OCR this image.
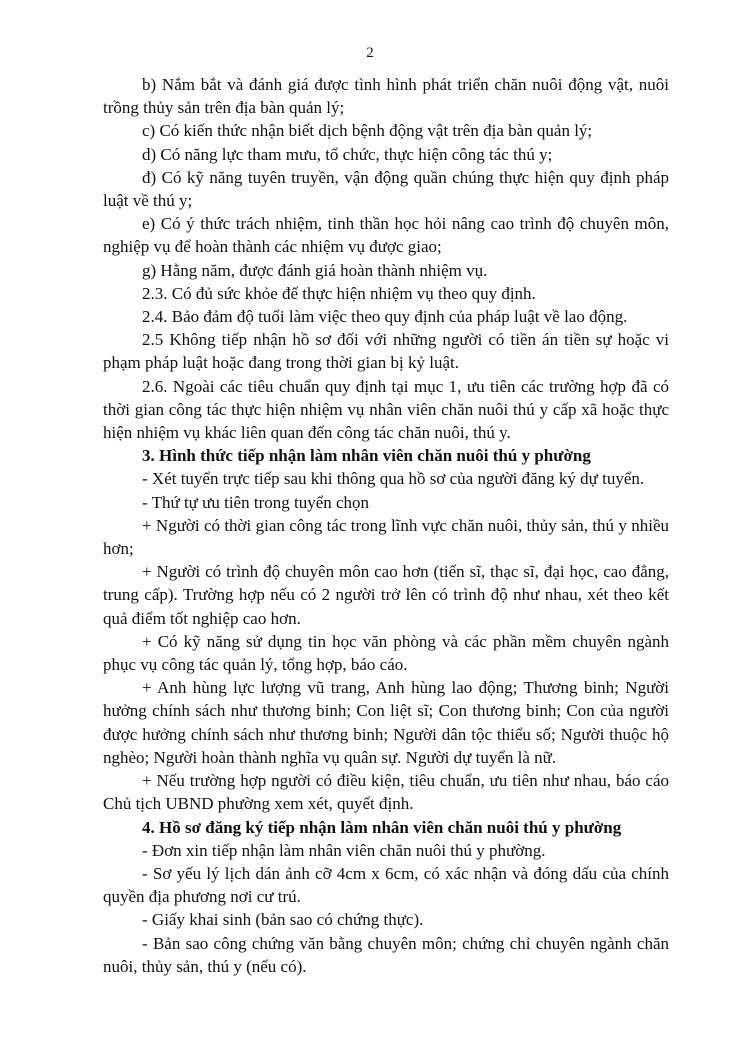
2

b) Nắm bắt và đánh giá được tình hình phát triển chăn nuôi động vật, nuôi trồng thủy sản trên địa bàn quản lý;

c) Có kiến thức nhận biết dịch bệnh động vật trên địa bàn quản lý;

d) Có năng lực tham mưu, tổ chức, thực hiện công tác thú y;

đ) Có kỹ năng tuyên truyền, vận động quần chúng thực hiện quy định pháp luật về thú y;

e) Có ý thức trách nhiệm, tinh thần học hỏi nâng cao trình độ chuyên môn, nghiệp vụ để hoàn thành các nhiệm vụ được giao;

g) Hằng năm, được đánh giá hoàn thành nhiệm vụ.

2.3. Có đủ sức khỏe để thực hiện nhiệm vụ theo quy định.

2.4. Bảo đảm độ tuổi làm việc theo quy định của pháp luật về lao động.

2.5 Không tiếp nhận hồ sơ đối với những người có tiền án tiền sự hoặc vi phạm pháp luật hoặc đang trong thời gian bị kỷ luật.

2.6. Ngoài các tiêu chuẩn quy định tại mục 1, ưu tiên các trường hợp đã có thời gian công tác thực hiện nhiệm vụ nhân viên chăn nuôi thú y cấp xã hoặc thực hiện nhiệm vụ khác liên quan đến công tác chăn nuôi, thú y.

3. Hình thức tiếp nhận làm nhân viên chăn nuôi thú y phường

- Xét tuyển trực tiếp sau khi thông qua hồ sơ của người đăng ký dự tuyển.

- Thứ tự ưu tiên trong tuyển chọn

+ Người có thời gian công tác trong lĩnh vực chăn nuôi, thủy sản, thú y nhiều hơn;

+ Người có trình độ chuyên môn cao hơn (tiến sĩ, thạc sĩ, đại học, cao đẳng, trung cấp). Trường hợp nếu có 2 người trở lên có trình độ như nhau, xét theo kết quả điểm tốt nghiệp cao hơn.

+ Có kỹ năng sử dụng tin học văn phòng và các phần mềm chuyên ngành phục vụ công tác quản lý, tổng hợp, báo cáo.

+ Anh hùng lực lượng vũ trang, Anh hùng lao động; Thương binh; Người hưởng chính sách như thương binh; Con liệt sĩ; Con thương binh; Con của người được hưởng chính sách như thương binh; Người dân tộc thiểu số; Người thuộc hộ nghèo; Người hoàn thành nghĩa vụ quân sự. Người dự tuyển là nữ.

+ Nếu trường hợp người có điều kiện, tiêu chuẩn, ưu tiên như nhau, báo cáo Chủ tịch UBND phường xem xét, quyết định.

4. Hồ sơ đăng ký tiếp nhận làm nhân viên chăn nuôi thú y phường

- Đơn xin tiếp nhận làm nhân viên chăn nuôi thú y phường.

- Sơ yếu lý lịch dán ảnh cỡ 4cm x 6cm, có xác nhận và đóng dấu của chính quyền địa phương nơi cư trú.

- Giấy khai sinh (bản sao có chứng thực).

- Bản sao công chứng văn bằng chuyên môn; chứng chỉ chuyên ngành chăn nuôi, thủy sản, thú y (nếu có).
